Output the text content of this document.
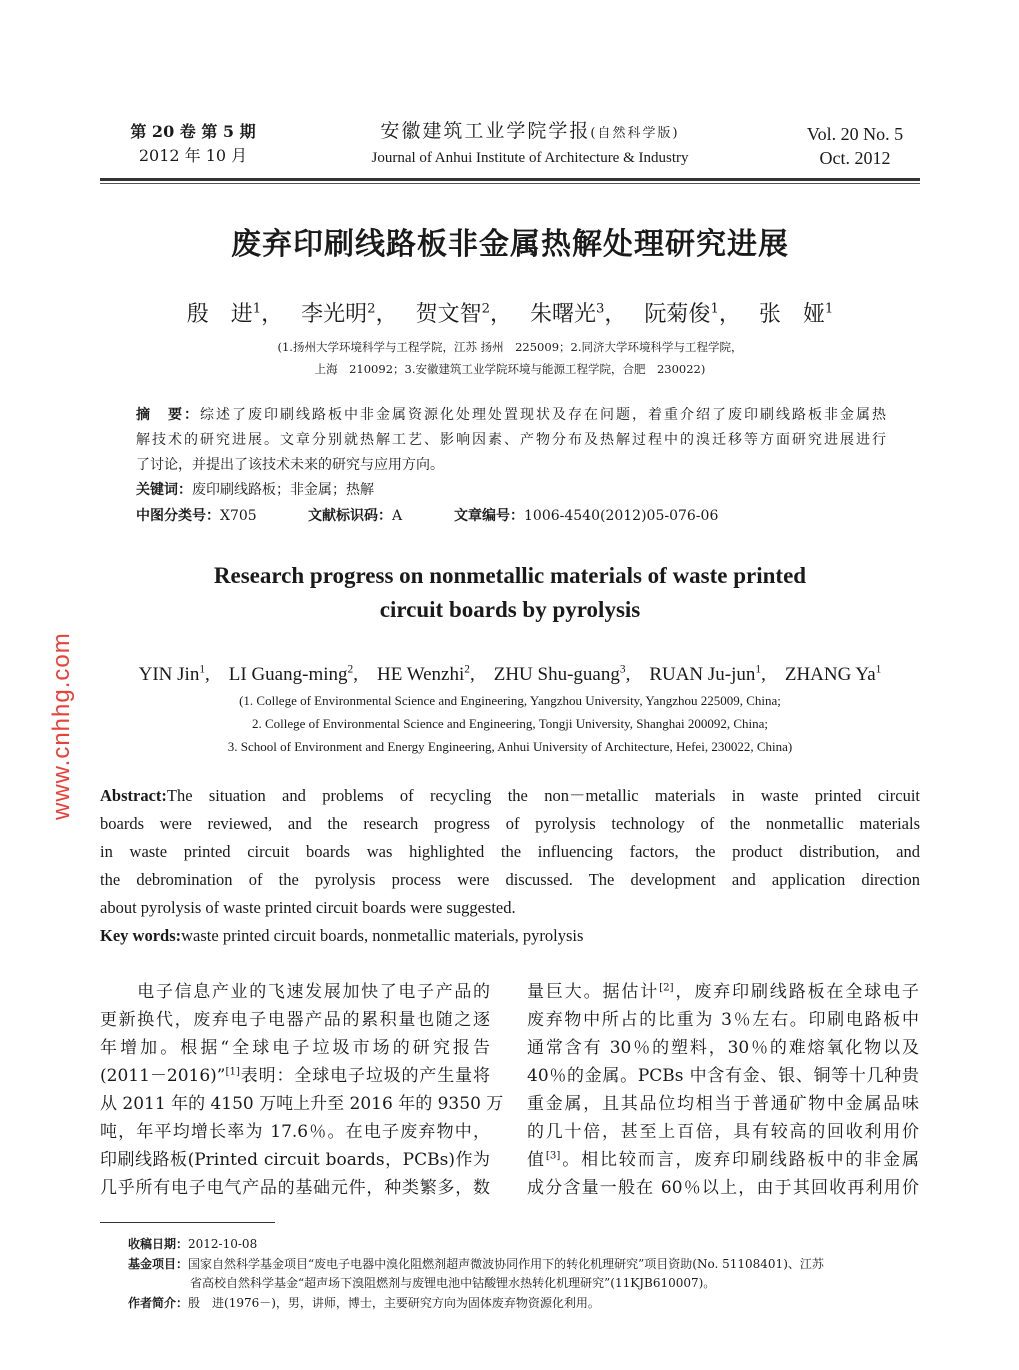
第 20 卷 第 5 期
2012 年 10 月
安徽建筑工业学院学报(自然科学版)
Journal of Anhui Institute of Architecture & Industry
Vol. 20 No. 5
Oct. 2012
废弃印刷线路板非金属热解处理研究进展
殷　进$^1$，　 李光明$^2$，　 贺文智$^2$，　 朱曙光$^3$，　 阮菊俊$^1$，　 张　娅$^1$
(1.扬州大学环境科学与工程学院，江苏 扬州　225009；2.同济大学环境科学与工程学院，
上海　210092；3.安徽建筑工业学院环境与能源工程学院，合肥　230022)
摘　要：综述了废印刷线路板中非金属资源化处理处置现状及存在问题，着重介绍了废印刷线路板非金属热
解技术的研究进展。文章分别就热解工艺、影响因素、产物分布及热解过程中的溴迁移等方面研究进展进行
了讨论，并提出了该技术未来的研究与应用方向。
关键词：废印刷线路板；非金属；热解
中图分类号：X705	文献标识码：A	文章编号：1006-4540(2012)05-076-06
Research progress on nonmetallic materials of waste printed
circuit boards by pyrolysis
YIN Jin$^1$,    LI Guang-ming$^2$,    HE Wenzhi$^2$,    ZHU Shu-guang$^3$,    RUAN Ju-jun$^1$,    ZHANG Ya$^1$
(1. College of Environmental Science and Engineering, Yangzhou University, Yangzhou 225009, China;
2. College of Environmental Science and Engineering, Tongji University, Shanghai 200092, China;
3. School of Environment and Energy Engineering, Anhui University of Architecture, Hefei, 230022, China)
Abstract:The situation and problems of recycling the non－metallic materials in waste printed circuit
boards were reviewed, and the research progress of pyrolysis technology of the nonmetallic materials
in waste printed circuit boards was highlighted the influencing factors, the product distribution, and
the debromination of the pyrolysis process were discussed. The development and application direction
about pyrolysis of waste printed circuit boards were suggested.
Key words:waste printed circuit boards, nonmetallic materials, pyrolysis
　　电子信息产业的飞速发展加快了电子产品的
更新换代，废弃电子电器产品的累积量也随之逐
年增加。根据“全球电子垃圾市场的研究报告
(2011－2016)”[1]表明：全球电子垃圾的产生量将
从 2011 年的 4150 万吨上升至 2016 年的 9350 万
吨，年平均增长率为 17.6％。在电子废弃物中，
印刷线路板(Printed circuit boards，PCBs)作为
几乎所有电子电气产品的基础元件，种类繁多，数
量巨大。据估计[2]，废弃印刷线路板在全球电子
废弃物中所占的比重为 3％左右。印刷电路板中
通常含有 30％的塑料，30％的难熔氧化物以及
40％的金属。PCBs 中含有金、银、铜等十几种贵
重金属，且其品位均相当于普通矿物中金属品味
的几十倍，甚至上百倍，具有较高的回收利用价
值[3]。相比较而言，废弃印刷线路板中的非金属
成分含量一般在 60％以上，由于其回收再利用价
收稿日期：2012-10-08
基金项目：国家自然科学基金项目“废电子电器中溴化阻燃剂超声微波协同作用下的转化机理研究”项目资助(No. 51108401)、江苏
省高校自然科学基金“超声场下溴阻燃剂与废锂电池中钴酸锂水热转化机理研究”(11KJB610007)。
作者简介：殷　进(1976－)，男，讲师，博士，主要研究方向为固体废弃物资源化利用。
www.cnhhg.com
